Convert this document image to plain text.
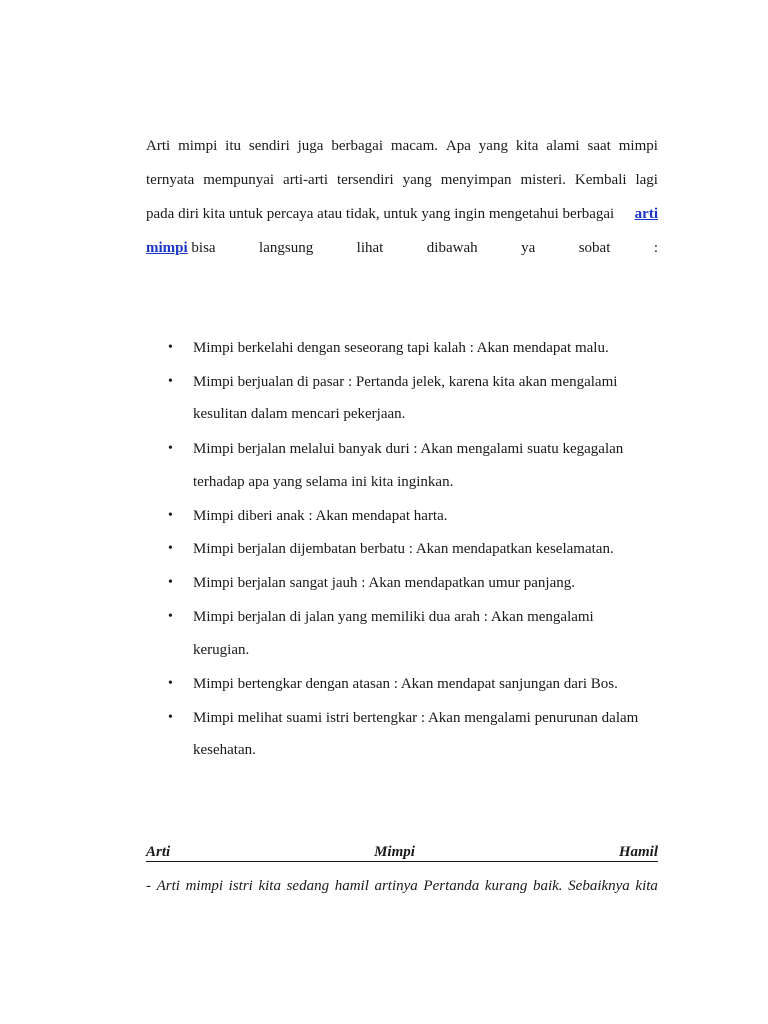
Arti mimpi itu sendiri juga berbagai macam. Apa yang kita alami saat mimpi
ternyata mempunyai arti-arti tersendiri yang menyimpan misteri. Kembali lagi
pada diri kita untuk percaya atau tidak, untuk yang ingin mengetahui berbagai arti
mimpi bisa	langsung	lihat	dibawah	ya	sobat	:
• Mimpi berkelahi dengan seseorang tapi kalah : Akan mendapat malu.
• Mimpi berjualan di pasar : Pertanda jelek, karena kita akan mengalami
kesulitan dalam mencari pekerjaan.
• Mimpi berjalan melalui banyak duri : Akan mengalami suatu kegagalan
terhadap apa yang selama ini kita inginkan.
• Mimpi diberi anak : Akan mendapat harta.
• Mimpi berjalan dijembatan berbatu : Akan mendapatkan keselamatan.
• Mimpi berjalan sangat jauh : Akan mendapatkan umur panjang.
• Mimpi berjalan di jalan yang memiliki dua arah : Akan mengalami
kerugian.
• Mimpi bertengkar dengan atasan : Akan mendapat sanjungan dari Bos.
• Mimpi melihat suami istri bertengkar : Akan mengalami penurunan dalam
kesehatan.
Arti	Mimpi	Hamil
- Arti mimpi istri kita sedang hamil artinya Pertanda kurang baik. Sebaiknya kita
